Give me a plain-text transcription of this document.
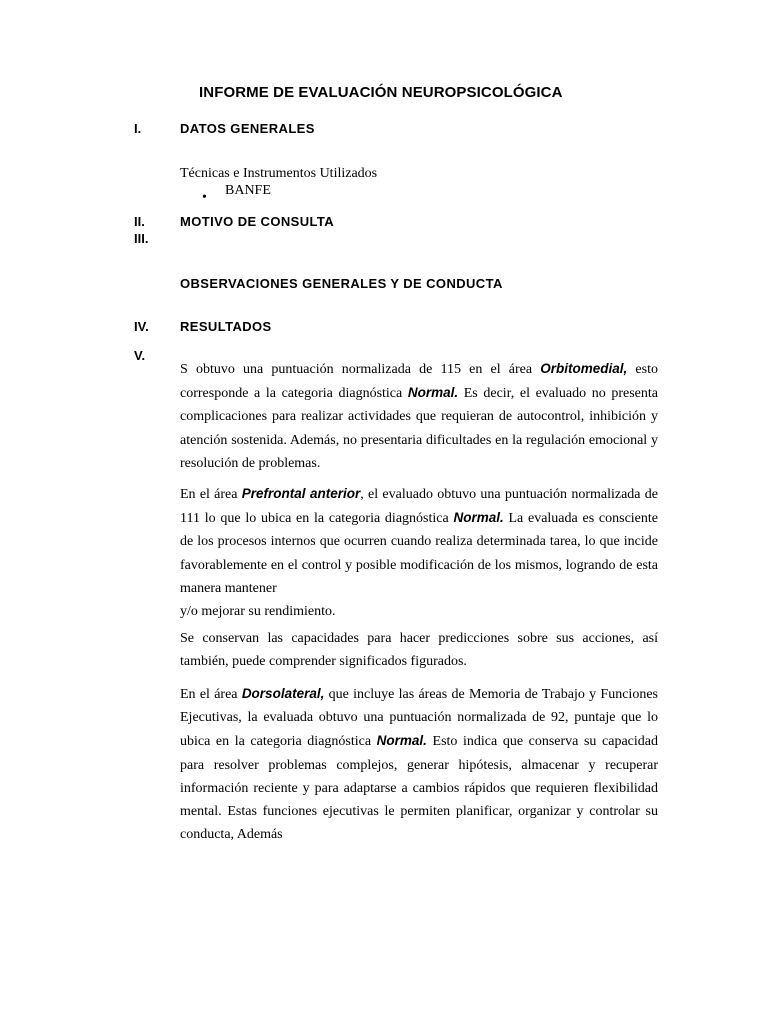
INFORME DE EVALUACIÓN NEUROPSICOLÓGICA
I.	DATOS GENERALES
Técnicas e Instrumentos Utilizados
• BANFE
II.	MOTIVO DE CONSULTA
III.
OBSERVACIONES GENERALES Y DE CONDUCTA
IV. RESULTADOS
V.
S obtuvo una puntuación normalizada de 115 en el área Orbitomedial, esto corresponde a la categoria diagnóstica Normal. Es decir, el evaluado no presenta complicaciones para realizar actividades que requieran de autocontrol, inhibición y atención sostenida. Además, no presentaria dificultades en la regulación emocional y resolución de problemas.
En el área Prefrontal anterior, el evaluado obtuvo una puntuación normalizada de 111 lo que lo ubica en la categoria diagnóstica Normal. La evaluada es consciente de los procesos internos que ocurren cuando realiza determinada tarea, lo que incide favorablemente en el control y posible modificación de los mismos, logrando de esta manera mantener
y/o mejorar su rendimiento.
Se conservan las capacidades para hacer predicciones sobre sus acciones, así también, puede comprender significados figurados.
En el área Dorsolateral, que incluye las áreas de Memoria de Trabajo y Funciones Ejecutivas, la evaluada obtuvo una puntuación normalizada de 92, puntaje que lo ubica en la categoria diagnóstica Normal. Esto indica que conserva su capacidad para resolver problemas complejos, generar hipótesis, almacenar y recuperar información reciente y para adaptarse a cambios rápidos que requieren flexibilidad mental. Estas funciones ejecutivas le permiten planificar, organizar y controlar su conducta, Además
